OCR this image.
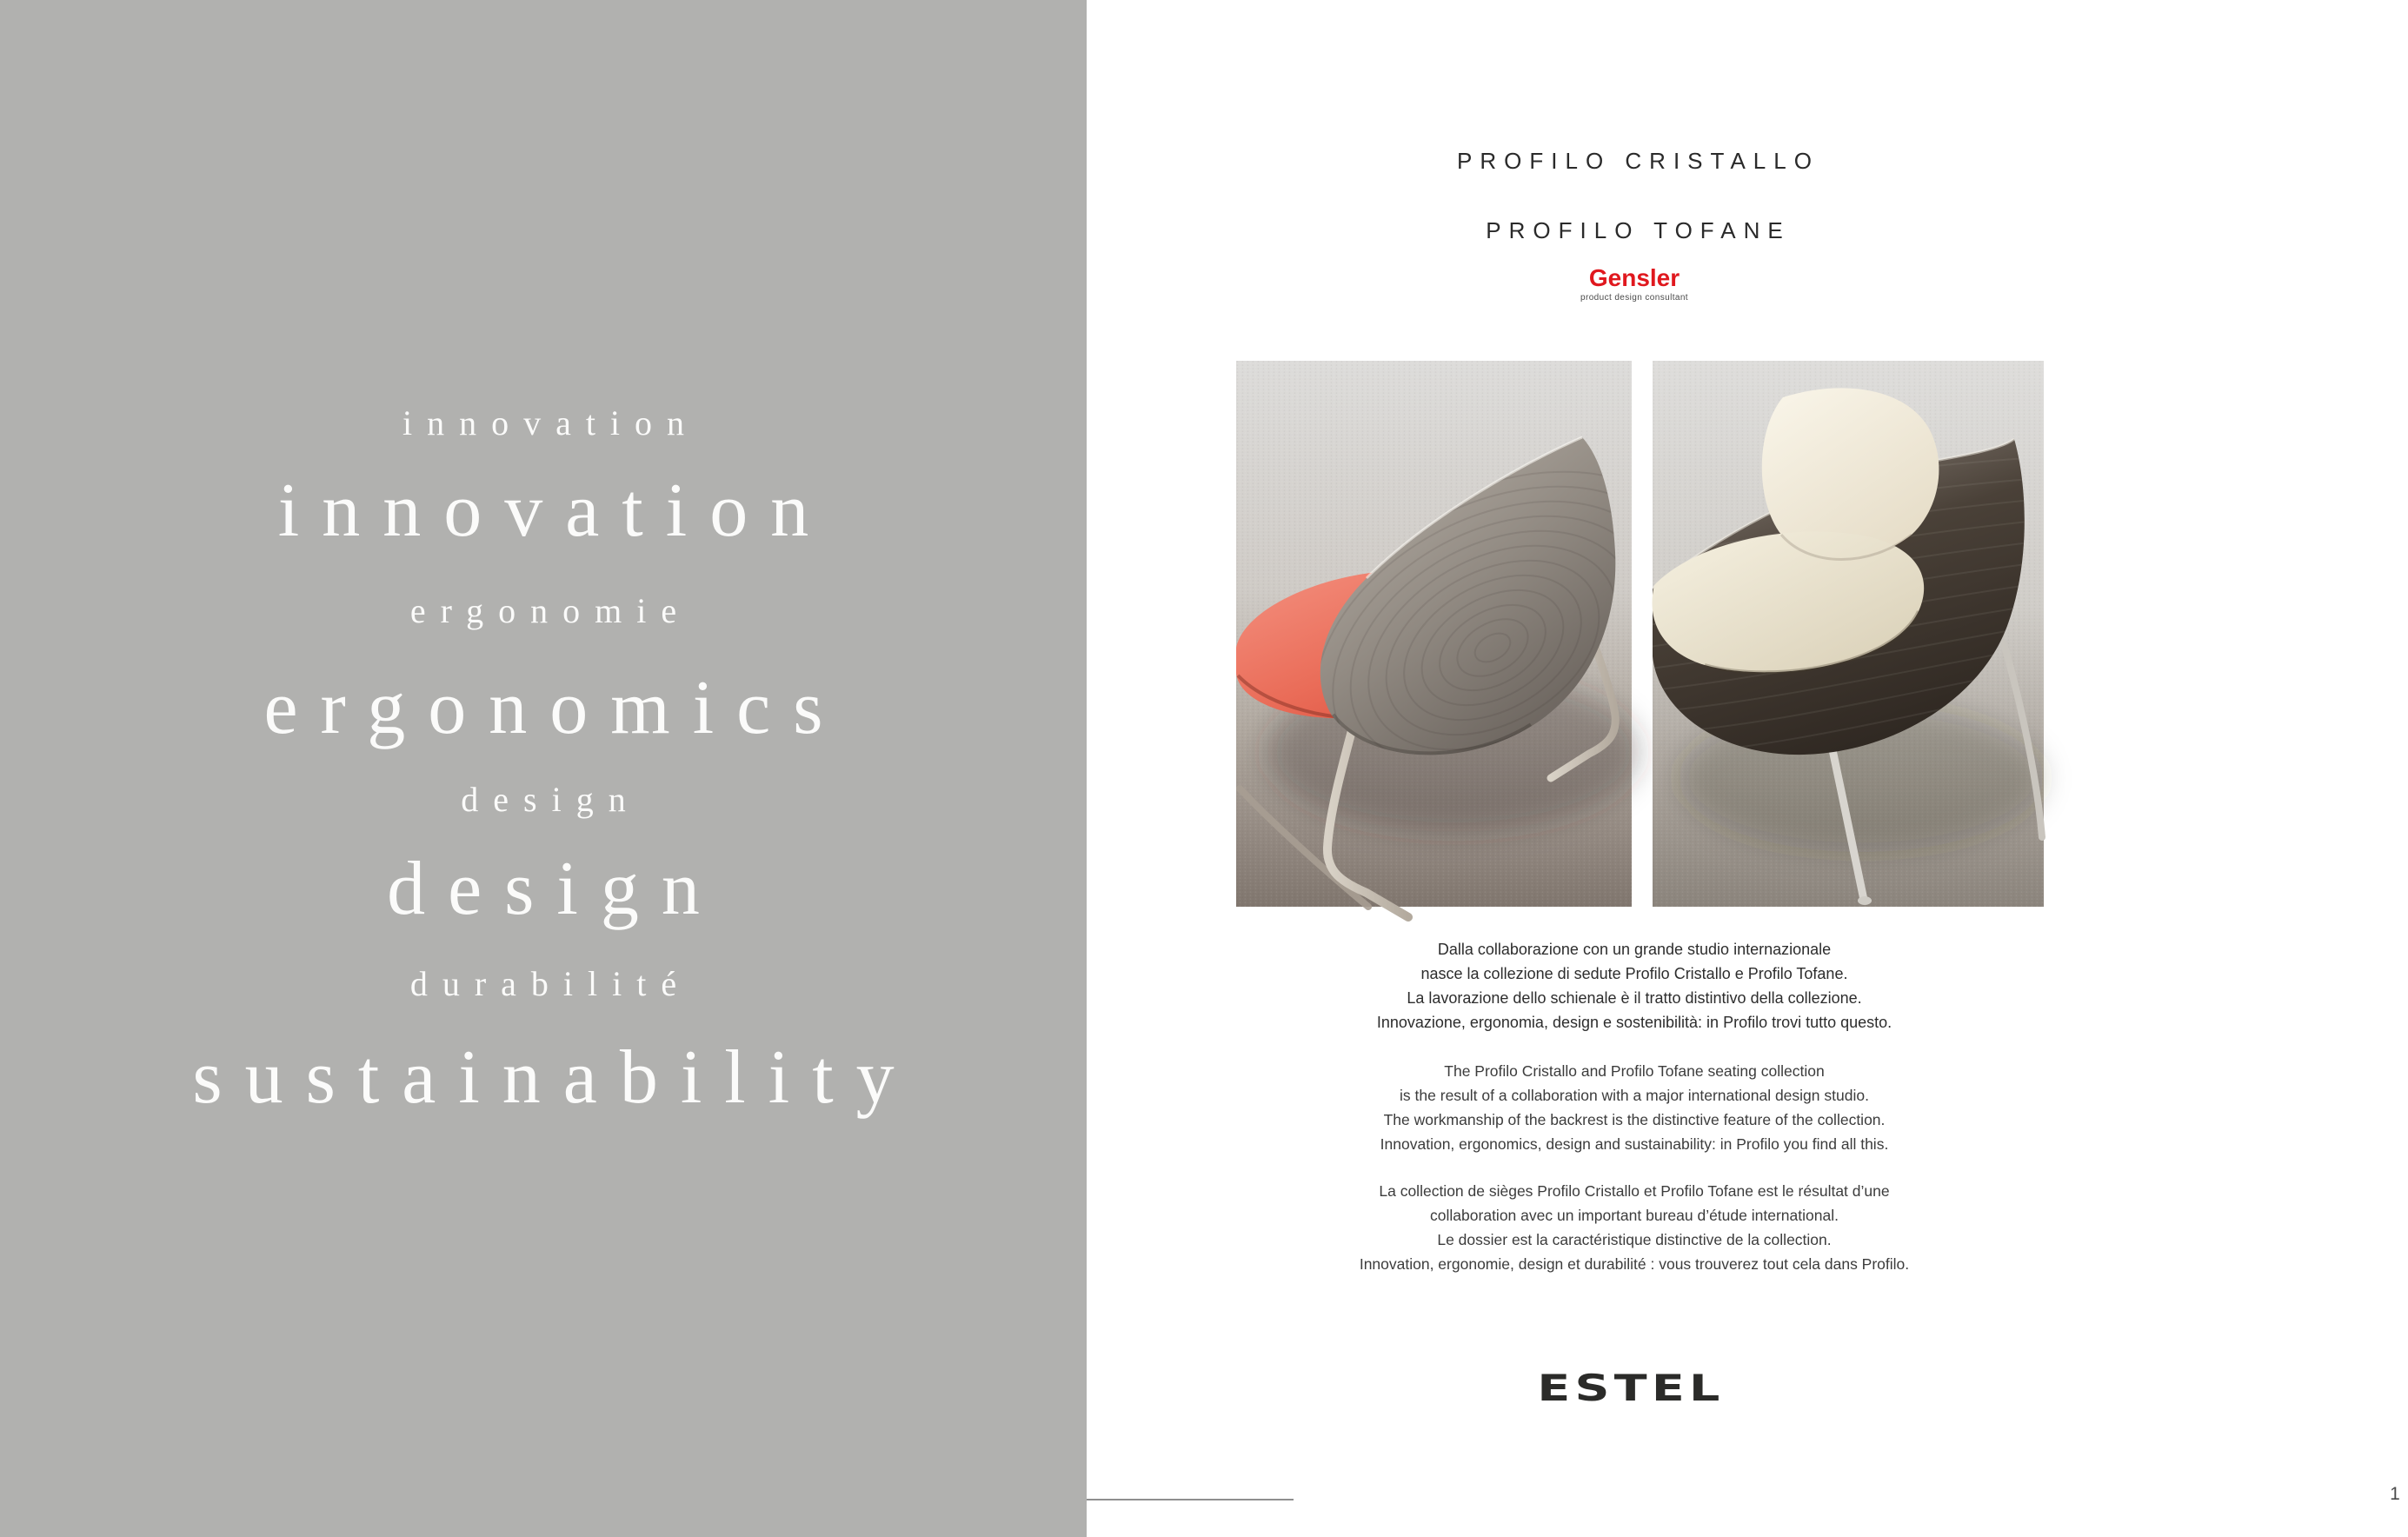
innovation
innovation
ergonomie
ergonomics
design
design
durabilité
sustainability
PROFILO CRISTALLO
PROFILO TOFANE
Gensler
product design consultant
Dalla collaborazione con un grande studio internazionale
nasce la collezione di sedute Profilo Cristallo e Profilo Tofane.
La lavorazione dello schienale è il tratto distintivo della collezione.
Innovazione, ergonomia, design e sostenibilità: in Profilo trovi tutto questo.
The Profilo Cristallo and Profilo Tofane seating collection
is the result of a collaboration with a major international design studio.
The workmanship of the backrest is the distinctive feature of the collection.
Innovation, ergonomics, design and sustainability: in Profilo you find all this.
La collection de sièges Profilo Cristallo et Profilo Tofane est le résultat d’une
collaboration avec un important bureau d’étude international.
Le dossier est la caractéristique distinctive de la collection.
Innovation, ergonomie, design et durabilité : vous trouverez tout cela dans Profilo.
ESTEL
1
